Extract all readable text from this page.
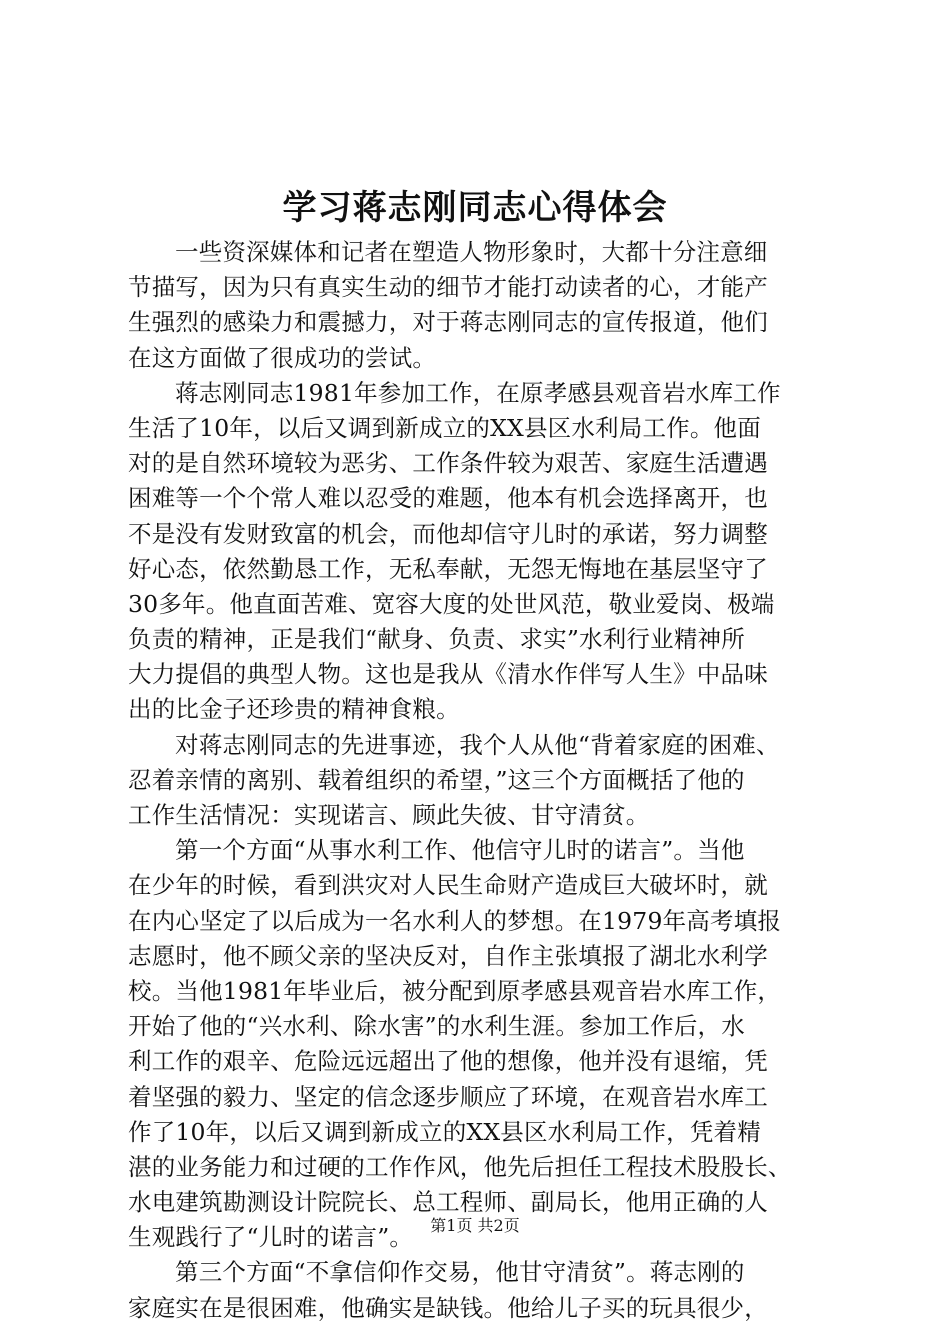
学习蒋志刚同志心得体会
一些资深媒体和记者在塑造人物形象时，大都十分注意细
节描写，因为只有真实生动的细节才能打动读者的心，才能产
生强烈的感染力和震撼力，对于蒋志刚同志的宣传报道，他们
在这方面做了很成功的尝试。
蒋志刚同志1981年参加工作，在原孝感县观音岩水库工作
生活了10年，以后又调到新成立的XX县区水利局工作。他面
对的是自然环境较为恶劣、工作条件较为艰苦、家庭生活遭遇
困难等一个个常人难以忍受的难题，他本有机会选择离开，也
不是没有发财致富的机会，而他却信守儿时的承诺，努力调整
好心态，依然勤恳工作，无私奉献，无怨无悔地在基层坚守了
30多年。他直面苦难、宽容大度的处世风范，敬业爱岗、极端
负责的精神，正是我们“献身、负责、求实”水利行业精神所
大力提倡的典型人物。这也是我从《清水作伴写人生》中品味
出的比金子还珍贵的精神食粮。
对蒋志刚同志的先进事迹，我个人从他“背着家庭的困难、
忍着亲情的离别、载着组织的希望，”这三个方面概括了他的
工作生活情况：实现诺言、顾此失彼、甘守清贫。
第一个方面“从事水利工作、他信守儿时的诺言”。当他
在少年的时候，看到洪灾对人民生命财产造成巨大破坏时，就
在内心坚定了以后成为一名水利人的梦想。在1979年高考填报
志愿时，他不顾父亲的坚决反对，自作主张填报了湖北水利学
校。当他1981年毕业后，被分配到原孝感县观音岩水库工作，
开始了他的“兴水利、除水害”的水利生涯。参加工作后，水
利工作的艰辛、危险远远超出了他的想像，他并没有退缩，凭
着坚强的毅力、坚定的信念逐步顺应了环境，在观音岩水库工
作了10年，以后又调到新成立的XX县区水利局工作，凭着精
湛的业务能力和过硬的工作作风，他先后担任工程技术股股长、
水电建筑勘测设计院院长、总工程师、副局长，他用正确的人
生观践行了“儿时的诺言”。
第三个方面“不拿信仰作交易，他甘守清贫”。蒋志刚的
家庭实在是很困难，他确实是缺钱。他给儿子买的玩具很少，
第1页 共2页
